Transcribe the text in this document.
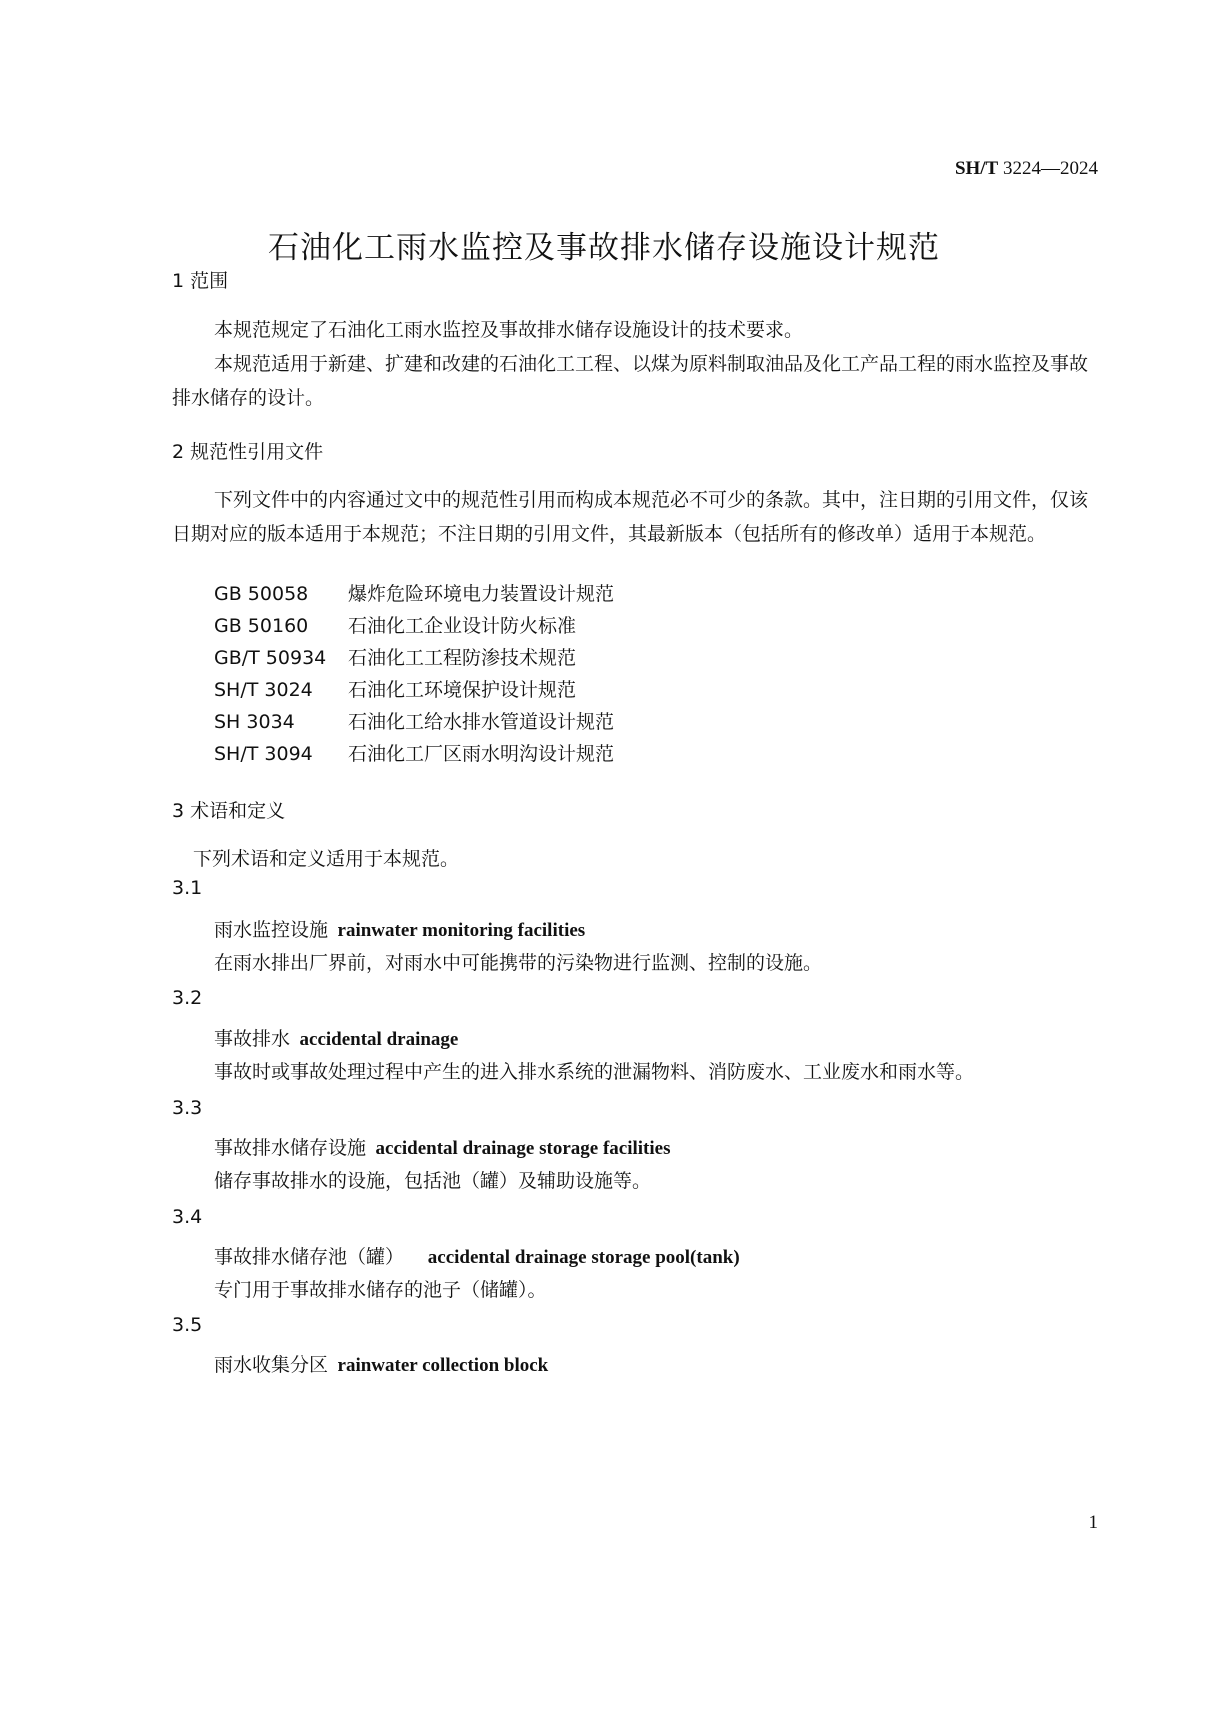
SH/T 3224—2024
石油化工雨水监控及事故排水储存设施设计规范
1 范围
本规范规定了石油化工雨水监控及事故排水储存设施设计的技术要求。
本规范适用于新建、扩建和改建的石油化工工程、以煤为原料制取油品及化工产品工程的雨水监控及事故排水储存的设计。
2 规范性引用文件
下列文件中的内容通过文中的规范性引用而构成本规范必不可少的条款。其中，注日期的引用文件，仅该日期对应的版本适用于本规范；不注日期的引用文件，其最新版本（包括所有的修改单）适用于本规范。
GB 50058 爆炸危险环境电力装置设计规范
GB 50160 石油化工企业设计防火标准
GB/T 50934 石油化工工程防渗技术规范
SH/T 3024 石油化工环境保护设计规范
SH 3034	石油化工给水排水管道设计规范
SH/T 3094 石油化工厂区雨水明沟设计规范
3 术语和定义
下列术语和定义适用于本规范。
3.1
雨水监控设施 rainwater monitoring facilities
在雨水排出厂界前，对雨水中可能携带的污染物进行监测、控制的设施。
3.2
事故排水 accidental drainage
事故时或事故处理过程中产生的进入排水系统的泄漏物料、消防废水、工业废水和雨水等。
3.3
事故排水储存设施 accidental drainage storage facilities
储存事故排水的设施，包括池（罐）及辅助设施等。
3.4
事故排水储存池（罐） accidental drainage storage pool(tank)
专门用于事故排水储存的池子（储罐）。
3.5
雨水收集分区 rainwater collection block
1
